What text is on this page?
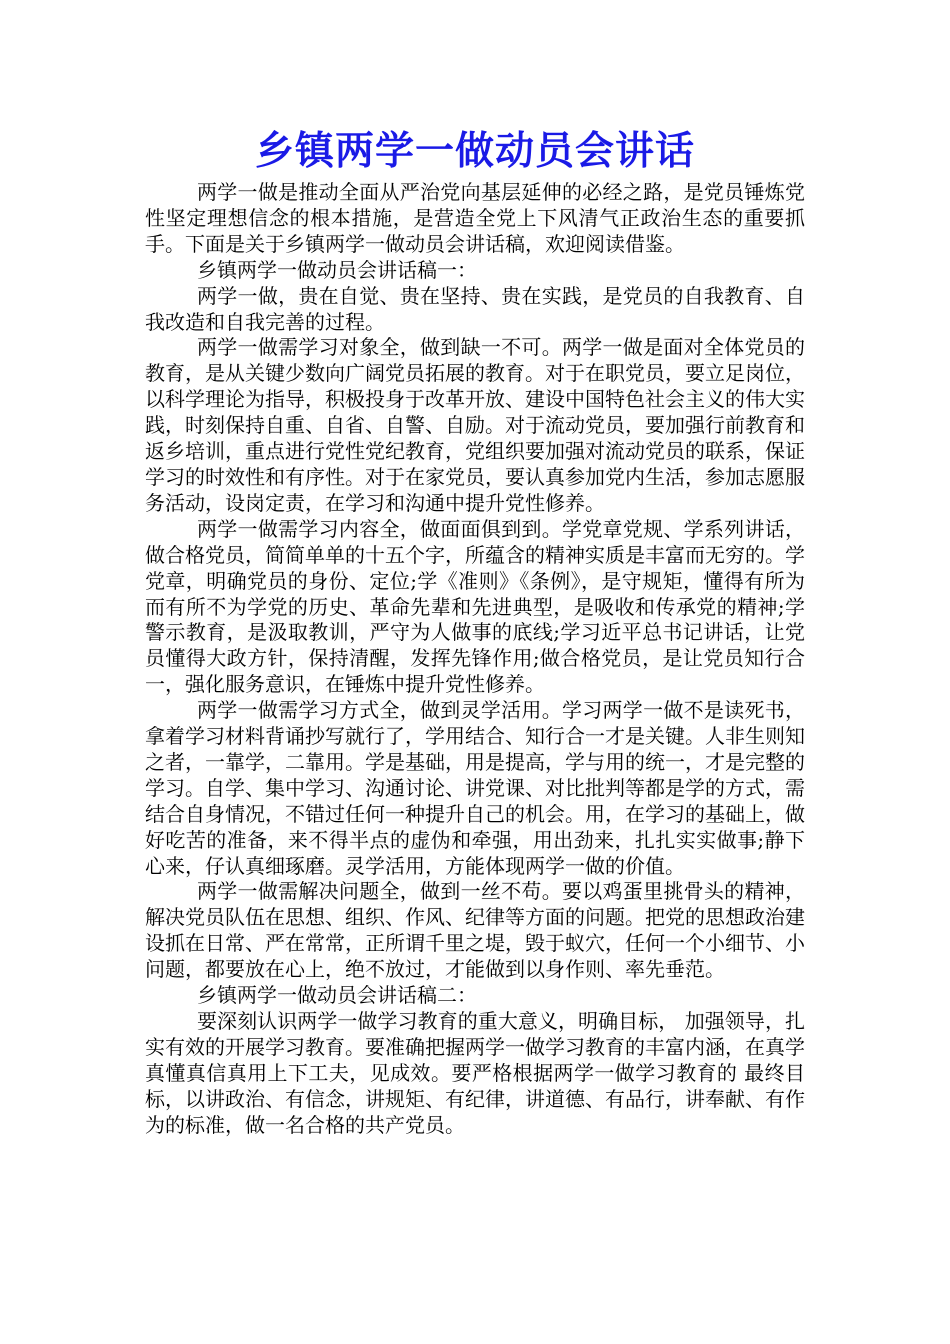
乡镇两学一做动员会讲话

两学一做是推动全面从严治党向基层延伸的必经之路，是党员锤炼党性坚定理想信念的根本措施，是营造全党上下风清气正政治生态的重要抓手。下面是关于乡镇两学一做动员会讲话稿，欢迎阅读借鉴。

乡镇两学一做动员会讲话稿一：

两学一做，贵在自觉、贵在坚持、贵在实践，是党员的自我教育、自我改造和自我完善的过程。

两学一做需学习对象全，做到缺一不可。两学一做是面对全体党员的教育，是从关键少数向广阔党员拓展的教育。对于在职党员，要立足岗位，以科学理论为指导，积极投身于改革开放、建设中国特色社会主义的伟大实践，时刻保持自重、自省、自警、自励。对于流动党员，要加强行前教育和返乡培训，重点进行党性党纪教育，党组织要加强对流动党员的联系，保证学习的时效性和有序性。对于在家党员，要认真参加党内生活，参加志愿服务活动，设岗定责，在学习和沟通中提升党性修养。

两学一做需学习内容全，做面面俱到到。学党章党规、学系列讲话，做合格党员，简简单单的十五个字，所蕴含的精神实质是丰富而无穷的。学党章，明确党员的身份、定位;学《准则》《条例》，是守规矩，懂得有所为而有所不为学党的历史、革命先辈和先进典型，是吸收和传承党的精神;学警示教育，是汲取教训，严守为人做事的底线;学习近平总书记讲话，让党员懂得大政方针，保持清醒，发挥先锋作用;做合格党员，是让党员知行合一，强化服务意识，在锤炼中提升党性修养。

两学一做需学习方式全，做到灵学活用。学习两学一做不是读死书，拿着学习材料背诵抄写就行了，学用结合、知行合一才是关键。人非生则知之者，一靠学，二靠用。学是基础，用是提高，学与用的统一，才是完整的学习。自学、集中学习、沟通讨论、讲党课、对比批判等都是学的方式，需结合自身情况，不错过任何一种提升自己的机会。用，在学习的基础上，做好吃苦的准备，来不得半点的虚伪和牵强，用出劲来，扎扎实实做事;静下心来，仔认真细琢磨。灵学活用，方能体现两学一做的价值。

两学一做需解决问题全，做到一丝不苟。要以鸡蛋里挑骨头的精神，解决党员队伍在思想、组织、作风、纪律等方面的问题。把党的思想政治建设抓在日常、严在常常，正所谓千里之堤，毁于蚁穴，任何一个小细节、小问题，都要放在心上，绝不放过，才能做到以身作则、率先垂范。

乡镇两学一做动员会讲话稿二：

要深刻认识两学一做学习教育的重大意义，明确目标， 加强领导，扎实有效的开展学习教育。要准确把握两学一做学习教育的丰富内涵，在真学真懂真信真用上下工夫，见成效。要严格根据两学一做学习教育的 最终目标，以讲政治、有信念，讲规矩、有纪律，讲道德、有品行，讲奉献、有作为的标准，做一名合格的共产党员。
